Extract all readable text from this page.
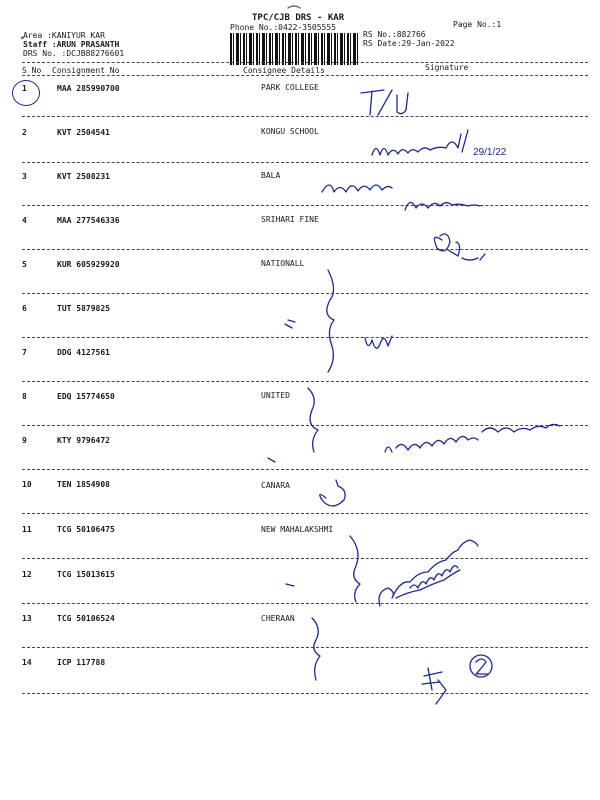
✶
TPC/CJB DRS - KAR
Phone No.:0422-3505555	Page No.:1
Area :KANIYUR KAR
Staff :ARUN PRASANTH
DRS No. :DCJB88276601
RS No.:882766
RS Date:29-Jan-2022
S No Consignment No	Consignee Details	Signature
1	MAA 285990700	PARK COLLEGE
2	KVT 2504541	KONGU SCHOOL
3	KVT 2508231	BALA
4	MAA 277546336	SRIHARI FINE
5	KUR 605929920	NATIONALL
6	TUT 5879825
7	DDG 4127561
8	EDQ 15774650	UNITED
9	KTY 9796472
10	TEN 1854908	CANARA
11	TCG 50106475	NEW MAHALAKSHMI
12	TCG 15013615
13	TCG 50106524	CHERAAN
14	ICP 117788
29/1/22
